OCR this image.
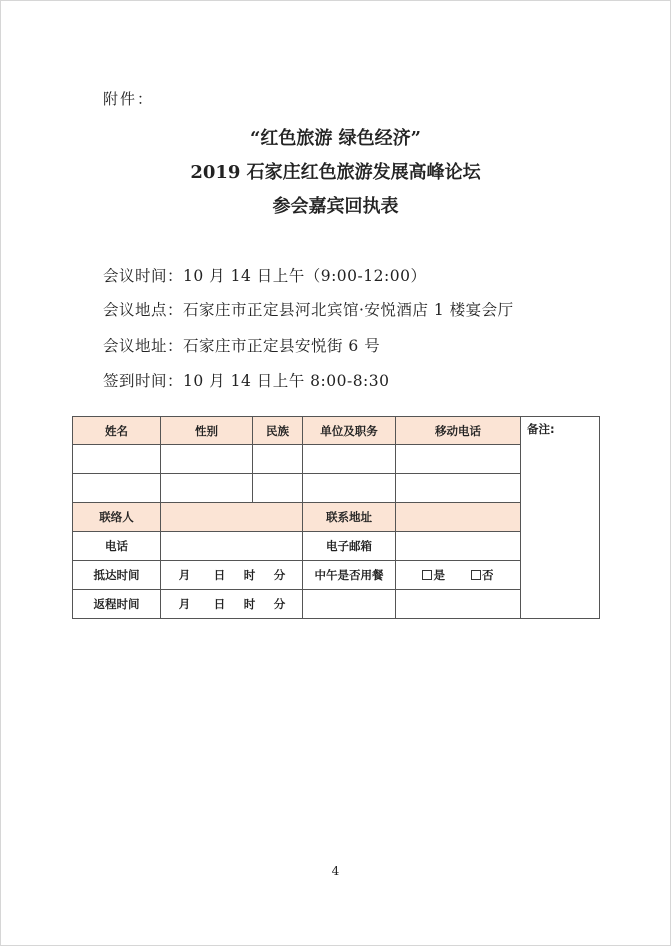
附件：
“红色旅游 绿色经济”
2019 石家庄红色旅游发展高峰论坛
参会嘉宾回执表
会议时间：10 月 14 日上午（9:00-12:00）
会议地点：石家庄市正定县河北宾馆·安悦酒店 1 楼宴会厅
会议地址：石家庄市正定县安悦街 6 号
签到时间：10 月 14 日上午 8:00-8:30
姓名	性别	民族	单位及职务	移动电话	备注:

联络人			联系地址		
电话			电子邮箱		
抵达时间	月 日 时 分		中午是否用餐	是 否	
返程时间	月 日 时 分				
4
